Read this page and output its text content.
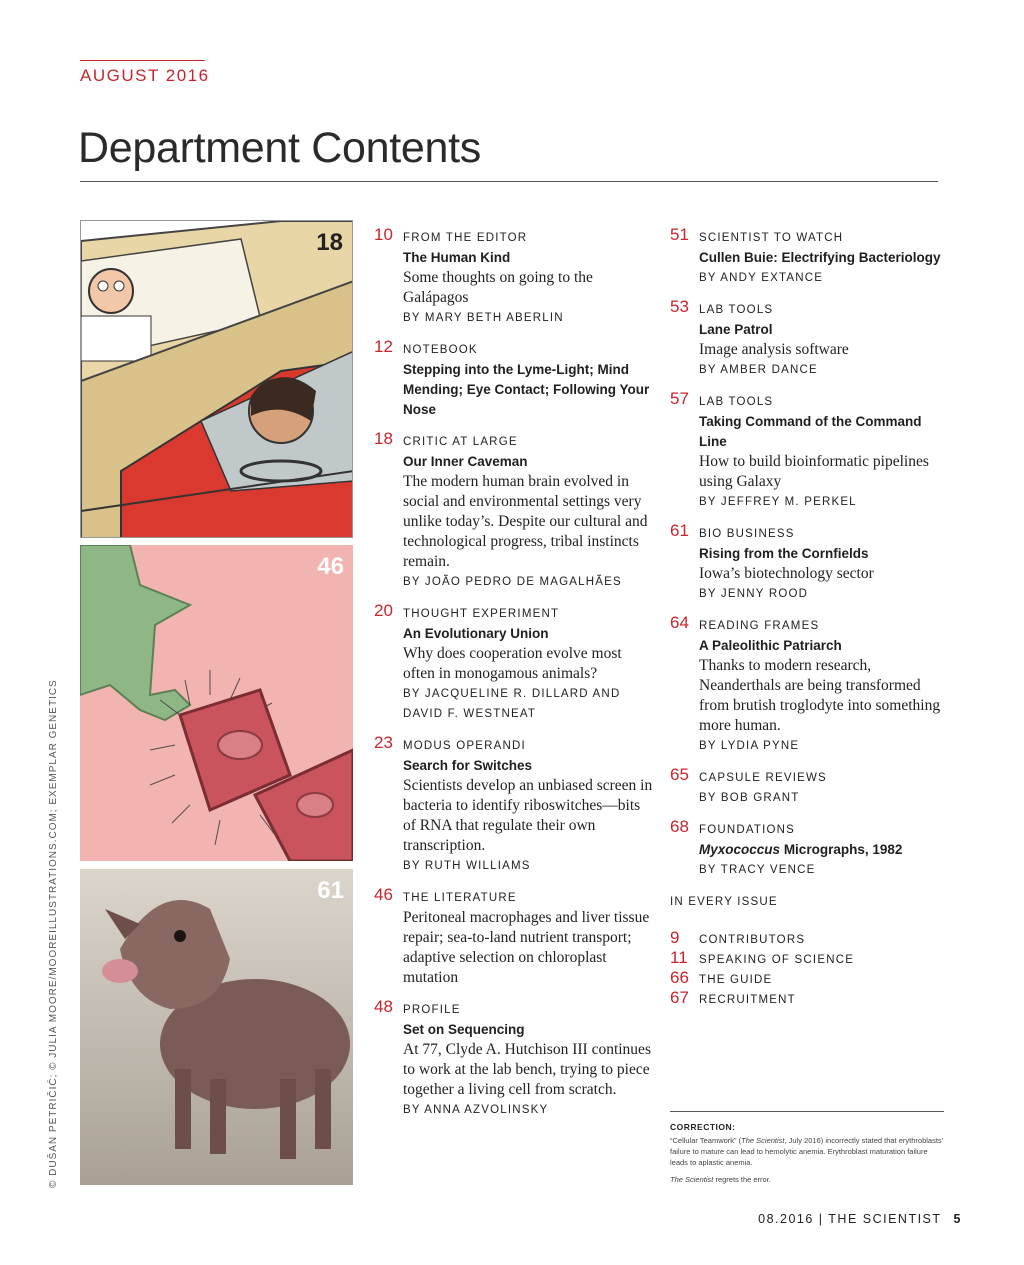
AUGUST 2016
Department Contents
© DUŠAN PETRIČIĆ; © JULIA MOORE/MOOREILLUSTRATIONS.COM; EXEMPLAR GENETICS
18
46
61
10 FROM THE EDITOR
The Human Kind
Some thoughts on going to the Galápagos
BY MARY BETH ABERLIN
12 NOTEBOOK
Stepping into the Lyme-Light; Mind Mending; Eye Contact; Following Your Nose
18 CRITIC AT LARGE
Our Inner Caveman
The modern human brain evolved in social and environmental settings very unlike today’s. Despite our cultural and technological progress, tribal instincts remain.
BY JOÃO PEDRO DE MAGALHÃES
20 THOUGHT EXPERIMENT
An Evolutionary Union
Why does cooperation evolve most often in monogamous animals?
BY JACQUELINE R. DILLARD AND DAVID F. WESTNEAT
23 MODUS OPERANDI
Search for Switches
Scientists develop an unbiased screen in bacteria to identify riboswitches—bits of RNA that regulate their own transcription.
BY RUTH WILLIAMS
46 THE LITERATURE
Peritoneal macrophages and liver tissue repair; sea-to-land nutrient transport; adaptive selection on chloroplast mutation
48 PROFILE
Set on Sequencing
At 77, Clyde A. Hutchison III continues to work at the lab bench, trying to piece together a living cell from scratch.
BY ANNA AZVOLINSKY
51 SCIENTIST TO WATCH
Cullen Buie: Electrifying Bacteriology
BY ANDY EXTANCE
53 LAB TOOLS
Lane Patrol
Image analysis software
BY AMBER DANCE
57 LAB TOOLS
Taking Command of the Command Line
How to build bioinformatic pipelines using Galaxy
BY JEFFREY M. PERKEL
61 BIO BUSINESS
Rising from the Cornfields
Iowa’s biotechnology sector
BY JENNY ROOD
64 READING FRAMES
A Paleolithic Patriarch
Thanks to modern research, Neanderthals are being transformed from brutish troglodyte into something more human.
BY LYDIA PYNE
65 CAPSULE REVIEWS
BY BOB GRANT
68 FOUNDATIONS
Myxococcus Micrographs, 1982
BY TRACY VENCE
IN EVERY ISSUE
9 CONTRIBUTORS
11 SPEAKING OF SCIENCE
66 THE GUIDE
67 RECRUITMENT
CORRECTION:

“Cellular Teamwork” (The Scientist, July 2016) incorrectly stated that erythroblasts’ failure to mature can lead to hemolytic anemia. Erythroblast maturation failure leads to aplastic anemia.

The Scientist regrets the error.

08.2016 | THE SCIENTIST 5
